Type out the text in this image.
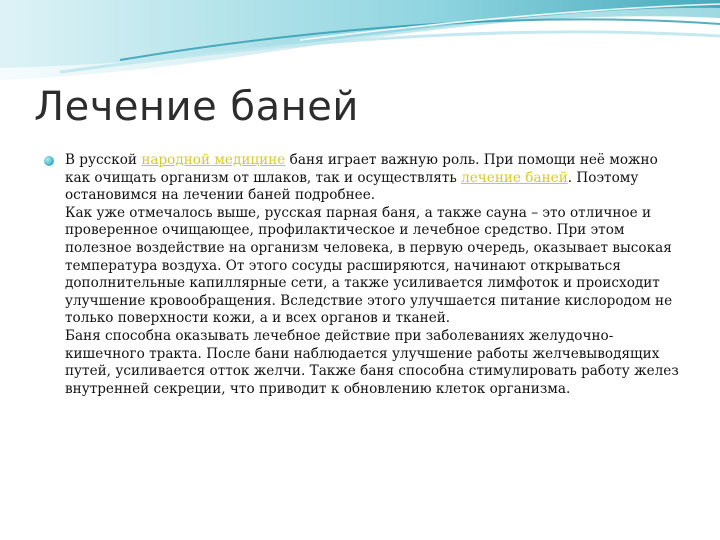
Лечение баней

В русской народной медицине баня играет важную роль. При помощи неё можно как очищать организм от шлаков, так и осуществлять лечение баней. Поэтому остановимся на лечении баней подробнее.

Как уже отмечалось выше, русская парная баня, а также сауна – это отличное и проверенное очищающее, профилактическое и лечебное средство. При этом полезное воздействие на организм человека, в первую очередь, оказывает высокая температура воздуха. От этого сосуды расширяются, начинают открываться дополнительные капиллярные сети, а также усиливается лимфоток и происходит улучшение кровообращения. Вследствие этого улучшается питание кислородом не только поверхности кожи, а и всех органов и тканей.

Баня способна оказывать лечебное действие при заболеваниях желудочно-кишечного тракта. После бани наблюдается улучшение работы желчевыводящих путей, усиливается отток желчи. Также баня способна стимулировать работу желез внутренней секреции, что приводит к обновлению клеток организма.
